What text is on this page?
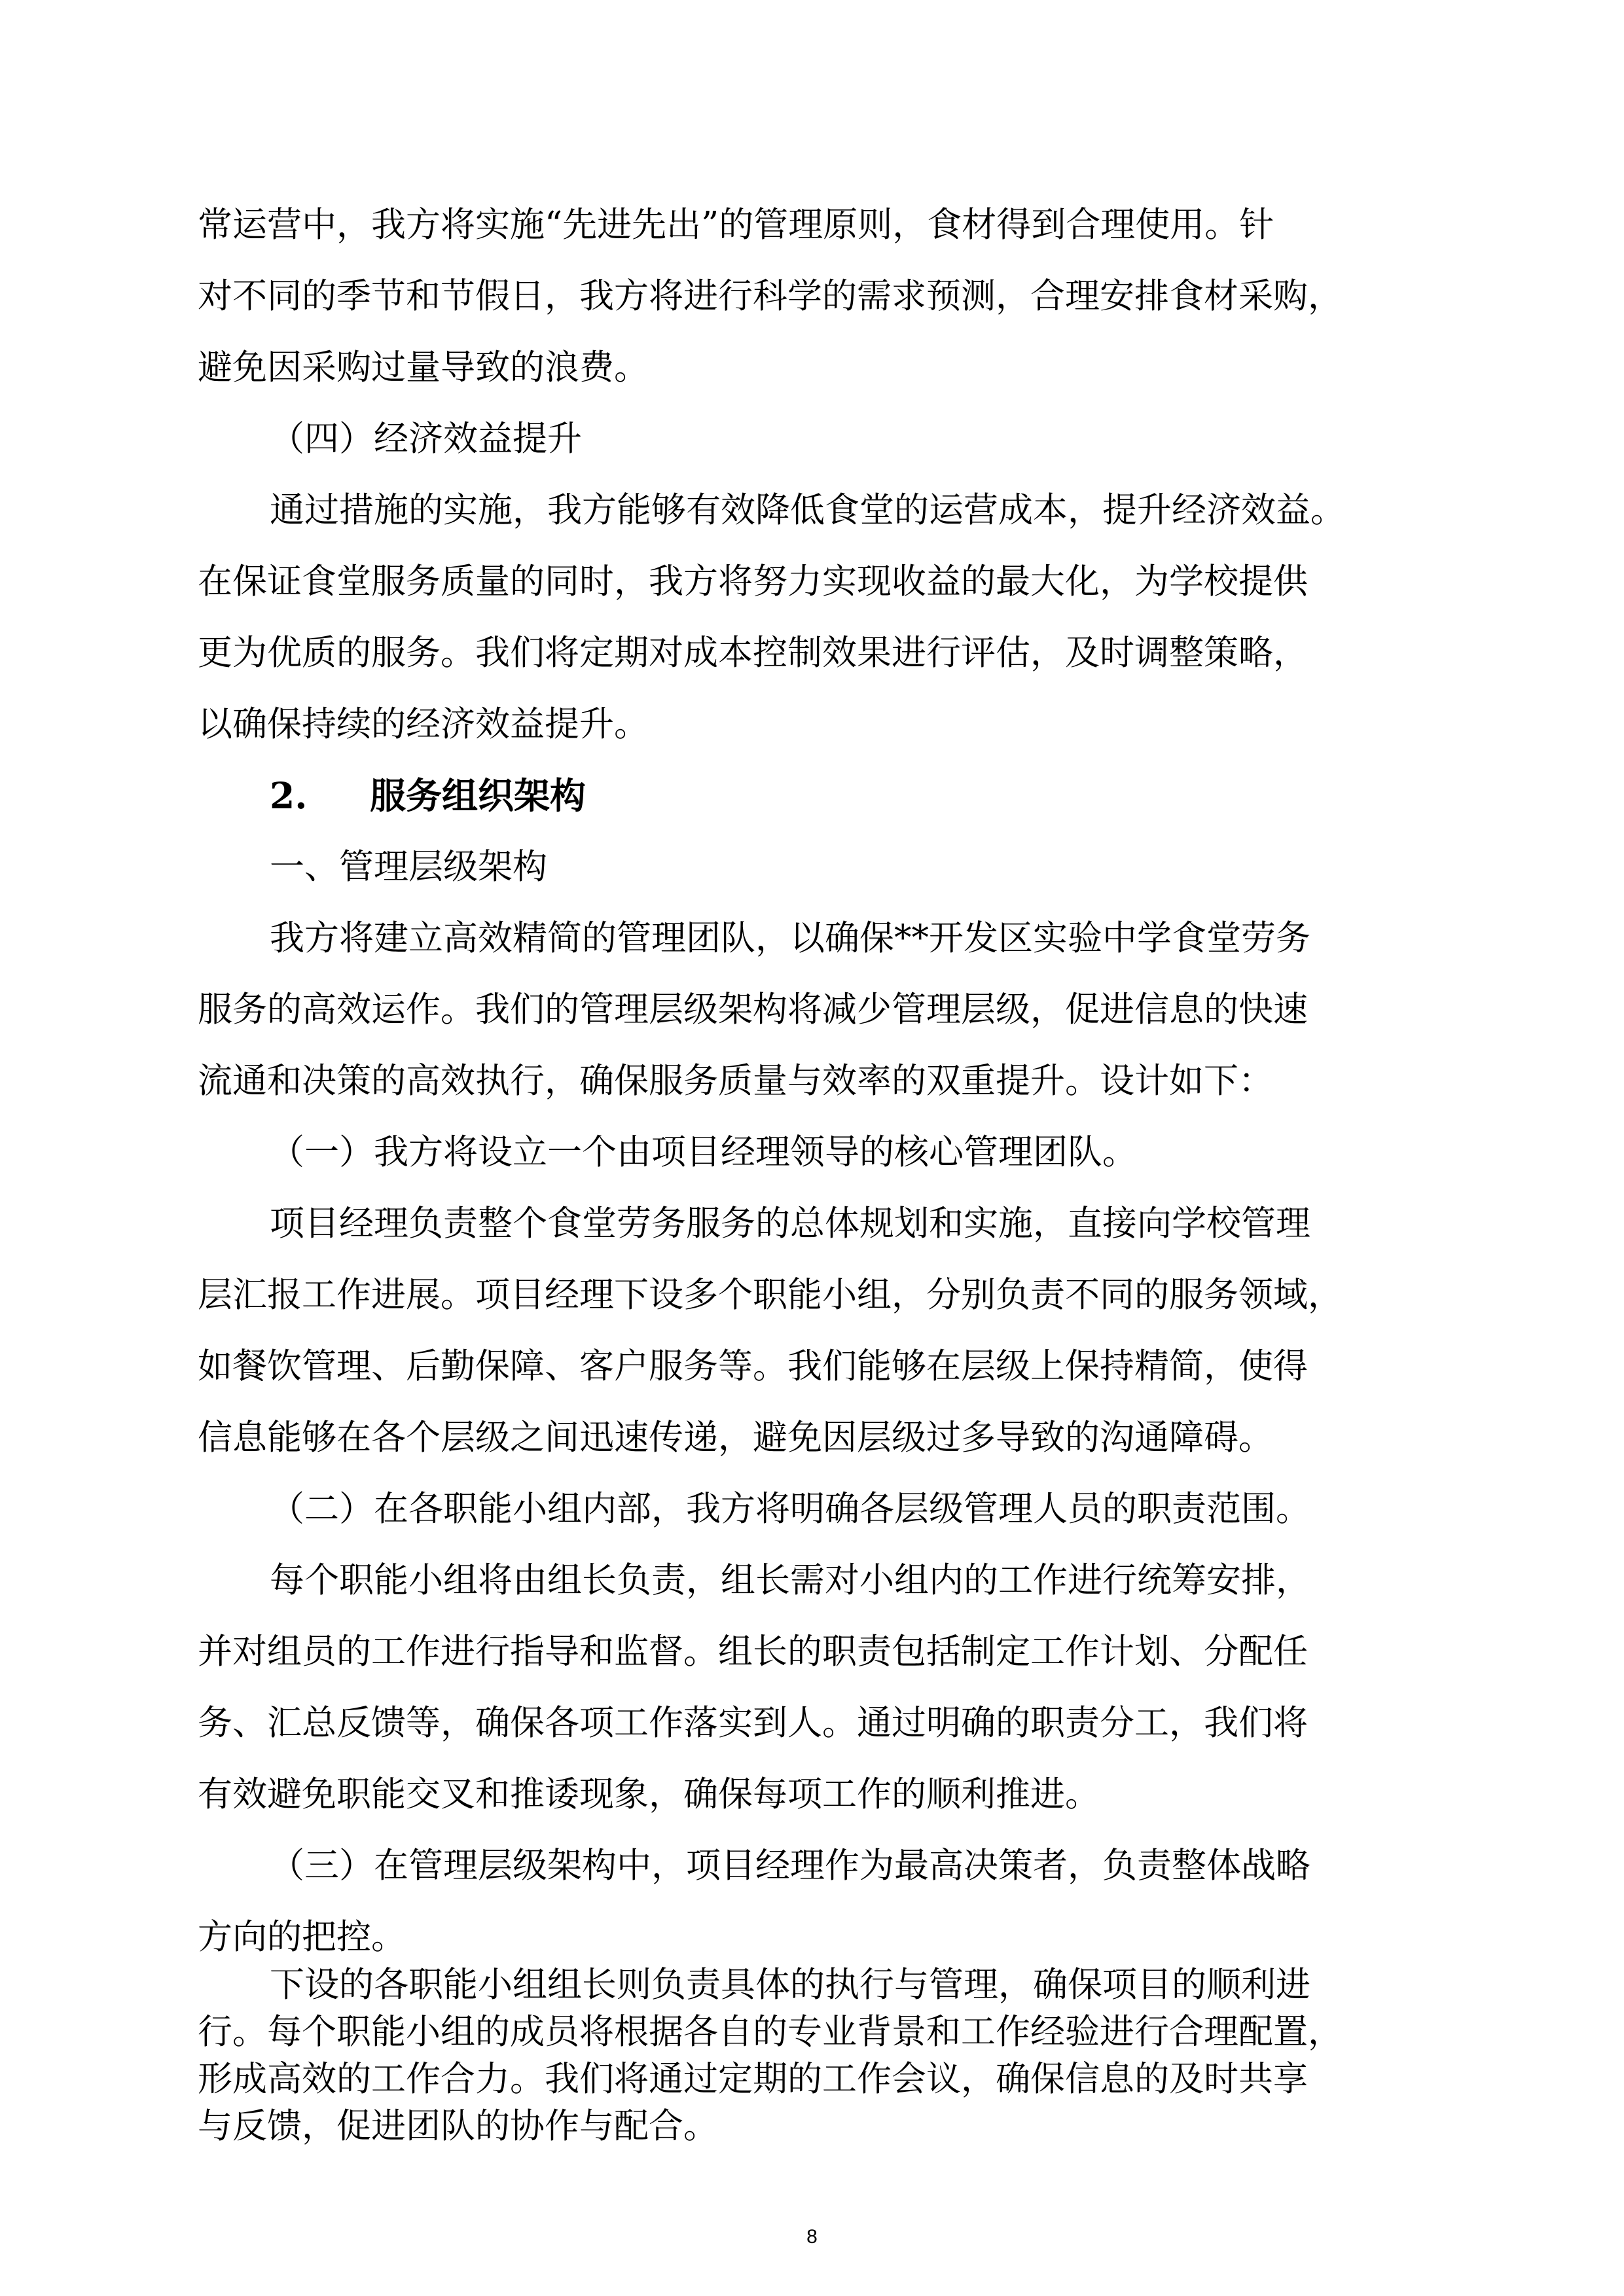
常运营中，我方将实施“先进先出”的管理原则，食材得到合理使用。针
对不同的季节和节假日，我方将进行科学的需求预测，合理安排食材采购，
避免因采购过量导致的浪费。
（四）经济效益提升
通过措施的实施，我方能够有效降低食堂的运营成本，提升经济效益。
在保证食堂服务质量的同时，我方将努力实现收益的最大化，为学校提供
更为优质的服务。我们将定期对成本控制效果进行评估，及时调整策略，
以确保持续的经济效益提升。
2. 服务组织架构
一、管理层级架构
我方将建立高效精简的管理团队，以确保**开发区实验中学食堂劳务
服务的高效运作。我们的管理层级架构将减少管理层级，促进信息的快速
流通和决策的高效执行，确保服务质量与效率的双重提升。设计如下：
（一）我方将设立一个由项目经理领导的核心管理团队。
项目经理负责整个食堂劳务服务的总体规划和实施，直接向学校管理
层汇报工作进展。项目经理下设多个职能小组，分别负责不同的服务领域，
如餐饮管理、后勤保障、客户服务等。我们能够在层级上保持精简，使得
信息能够在各个层级之间迅速传递，避免因层级过多导致的沟通障碍。
（二）在各职能小组内部，我方将明确各层级管理人员的职责范围。
每个职能小组将由组长负责，组长需对小组内的工作进行统筹安排，
并对组员的工作进行指导和监督。组长的职责包括制定工作计划、分配任
务、汇总反馈等，确保各项工作落实到人。通过明确的职责分工，我们将
有效避免职能交叉和推诿现象，确保每项工作的顺利推进。
（三）在管理层级架构中，项目经理作为最高决策者，负责整体战略
方向的把控。
下设的各职能小组组长则负责具体的执行与管理，确保项目的顺利进
行。每个职能小组的成员将根据各自的专业背景和工作经验进行合理配置，
形成高效的工作合力。我们将通过定期的工作会议，确保信息的及时共享
8
与反馈，促进团队的协作与配合。
